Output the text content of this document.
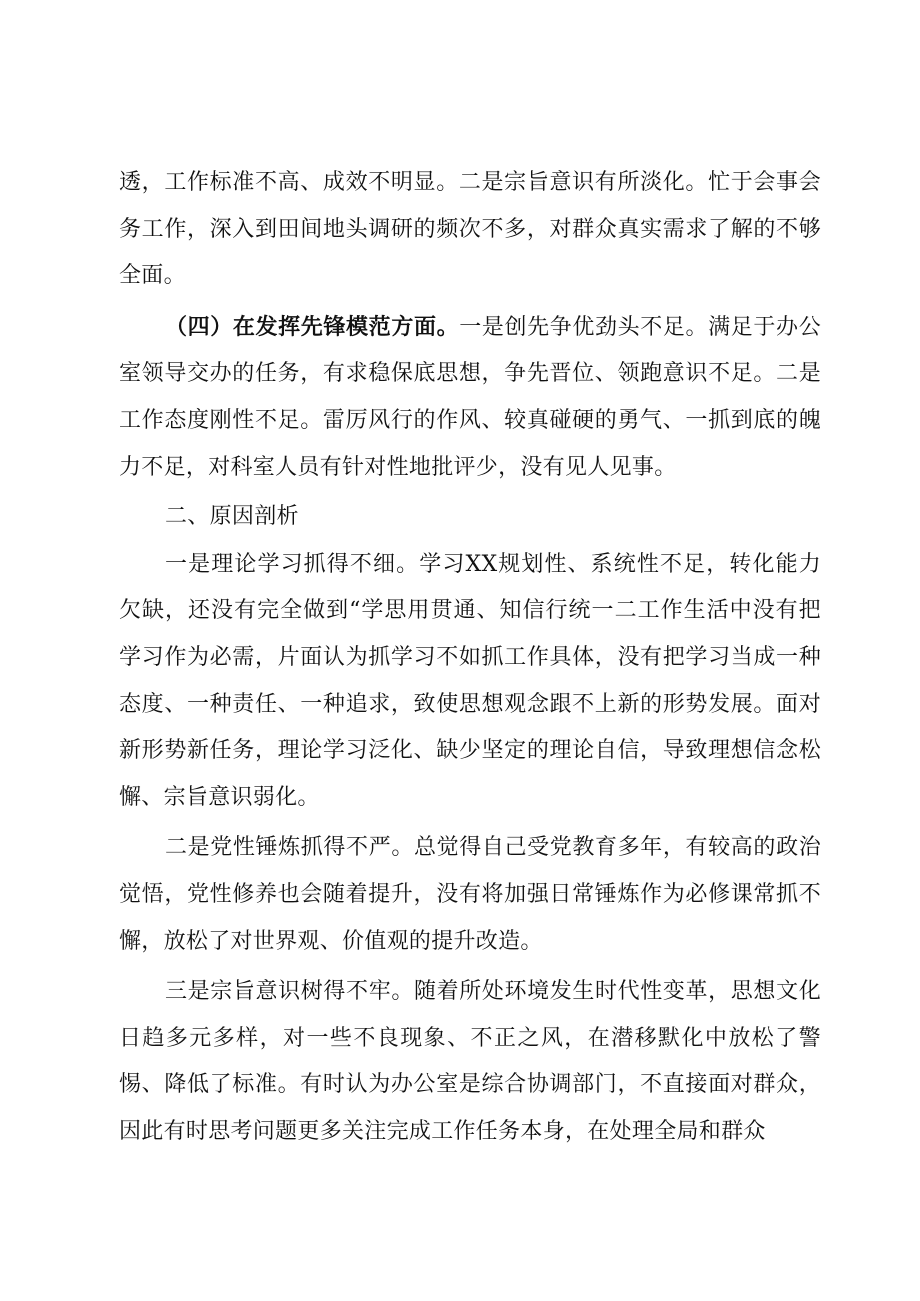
透，工作标准不高、成效不明显。二是宗旨意识有所淡化。忙于会事会务工作，深入到田间地头调研的频次不多，对群众真实需求了解的不够全面。

（四）在发挥先锋模范方面。一是创先争优劲头不足。满足于办公室领导交办的任务，有求稳保底思想，争先晋位、领跑意识不足。二是工作态度刚性不足。雷厉风行的作风、较真碰硬的勇气、一抓到底的魄力不足，对科室人员有针对性地批评少，没有见人见事。

二、原因剖析

一是理论学习抓得不细。学习XX规划性、系统性不足，转化能力欠缺，还没有完全做到“学思用贯通、知信行统一二工作生活中没有把学习作为必需，片面认为抓学习不如抓工作具体，没有把学习当成一种态度、一种责任、一种追求，致使思想观念跟不上新的形势发展。面对新形势新任务，理论学习泛化、缺少坚定的理论自信，导致理想信念松懈、宗旨意识弱化。

二是党性锤炼抓得不严。总觉得自己受党教育多年，有较高的政治觉悟，党性修养也会随着提升，没有将加强日常锤炼作为必修课常抓不懈，放松了对世界观、价值观的提升改造。

三是宗旨意识树得不牢。随着所处环境发生时代性变革，思想文化日趋多元多样，对一些不良现象、不正之风，在潜移默化中放松了警惕、降低了标准。有时认为办公室是综合协调部门，不直接面对群众，因此有时思考问题更多关注完成工作任务本身，在处理全局和群众
